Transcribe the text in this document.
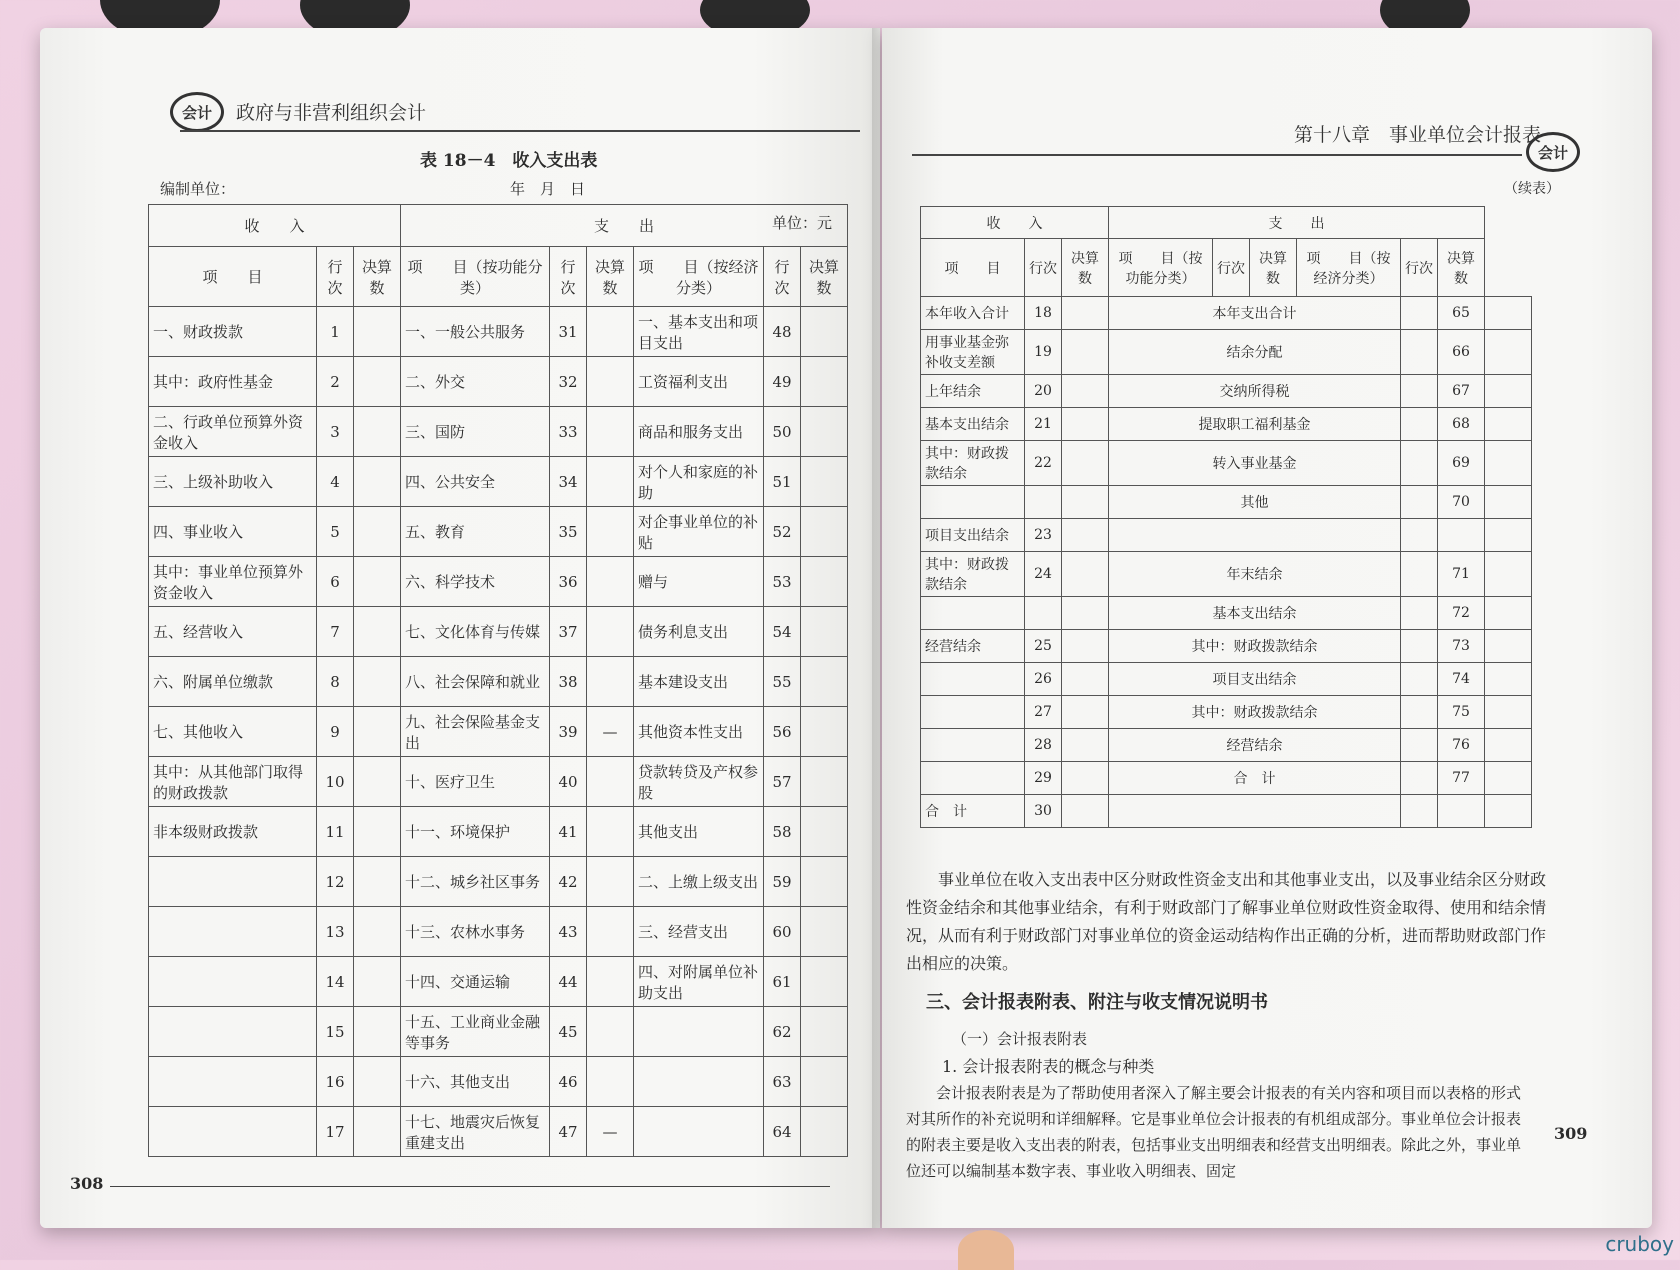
会计	政府与非营利组织会计
表 18－4　收入支出表
编制单位：	年　月　日
单位：元
收　　入			支　　出					
项　　目	行次	决算数	项　　目（按功能分类）	行次	决算数	项　　目（按经济分类）	行次	决算数
一、财政拨款	1		一、一般公共服务	31		一、基本支出和项目支出	48	
其中：政府性基金	2		二、外交	32		工资福利支出	49	
二、行政单位预算外资金收入	3		三、国防	33		商品和服务支出	50	
三、上级补助收入	4		四、公共安全	34		对个人和家庭的补助	51	
四、事业收入	5		五、教育	35		对企事业单位的补贴	52	
其中：事业单位预算外资金收入	6		六、科学技术	36		赠与	53	
五、经营收入	7		七、文化体育与传媒	37		债务利息支出	54	
六、附属单位缴款	8		八、社会保障和就业	38		基本建设支出	55	
七、其他收入	9		九、社会保险基金支出	39	—	其他资本性支出	56	
其中：从其他部门取得的财政拨款	10		十、医疗卫生	40		贷款转贷及产权参股	57	
非本级财政拨款	11		十一、环境保护	41		其他支出	58	
	12		十二、城乡社区事务	42		二、上缴上级支出	59	
	13		十三、农林水事务	43		三、经营支出	60	
	14		十四、交通运输	44		四、对附属单位补助支出	61	
	15		十五、工业商业金融等事务	45			62	
	16		十六、其他支出	46			63	
	17		十七、地震灾后恢复重建支出	47	—		64	
308
第十八章　事业单位会计报表
会计
（续表）
收　　入			支　　出						
项　　目	行次	决算数	项　　目（按功能分类）	行次	决算数	项　　目（按经济分类）	行次	决算数	
本年收入合计	18		本年支出合计					65	
用事业基金弥补收支差额	19		结余分配					66	
上年结余	20		交纳所得税					67	
基本支出结余	21		提取职工福利基金					68	
其中：财政拨款结余	22		转入事业基金					69	
			其他					70	
项目支出结余	23								
其中：财政拨款结余	24		年末结余					71	
			基本支出结余					72	
经营结余	25		其中：财政拨款结余					73	
	26		项目支出结余					74	
	27		其中：财政拨款结余					75	
	28		经营结余					76	
	29		合　计					77	
合　计	30								
事业单位在收入支出表中区分财政性资金支出和其他事业支出，以及事业结余区分财政性资金结余和其他事业结余，有利于财政部门了解事业单位财政性资金取得、使用和结余情况，从而有利于财政部门对事业单位的资金运动结构作出正确的分析，进而帮助财政部门作出相应的决策。
三、会计报表附表、附注与收支情况说明书
（一）会计报表附表
1. 会计报表附表的概念与种类
会计报表附表是为了帮助使用者深入了解主要会计报表的有关内容和项目而以表格的形式对其所作的补充说明和详细解释。它是事业单位会计报表的有机组成部分。事业单位会计报表的附表主要是收入支出表的附表，包括事业支出明细表和经营支出明细表。除此之外，事业单位还可以编制基本数字表、事业收入明细表、固定
309
cruboy
